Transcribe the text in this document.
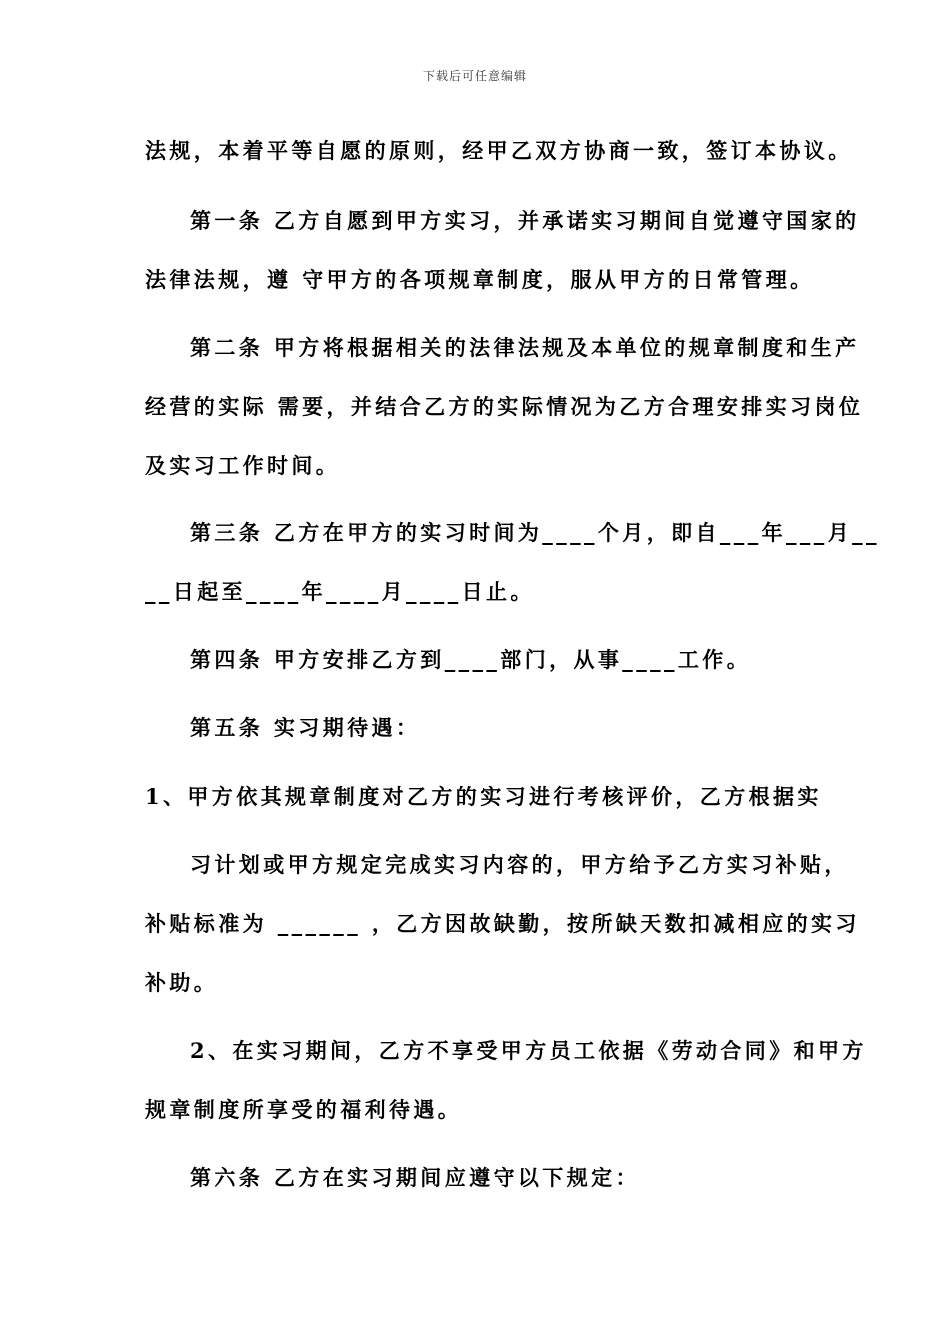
下载后可任意编辑
法规，本着平等自愿的原则，经甲乙双方协商一致，签订本协议。
第一条 乙方自愿到甲方实习，并承诺实习期间自觉遵守国家的
法律法规，遵 守甲方的各项规章制度，服从甲方的日常管理。
第二条 甲方将根据相关的法律法规及本单位的规章制度和生产
经营的实际 需要，并结合乙方的实际情况为乙方合理安排实习岗位
及实习工作时间。
第三条 乙方在甲方的实习时间为____个月，即自___年___月__
__日起至____年____月____日止。
第四条 甲方安排乙方到____部门，从事____工作。
第五条 实习期待遇：
1、甲方依其规章制度对乙方的实习进行考核评价，乙方根据实
习计划或甲方规定完成实习内容的，甲方给予乙方实习补贴，
补贴标准为 ______ ，乙方因故缺勤，按所缺天数扣减相应的实习
补助。
2、在实习期间，乙方不享受甲方员工依据《劳动合同》和甲方
规章制度所享受的福利待遇。
第六条 乙方在实习期间应遵守以下规定：
